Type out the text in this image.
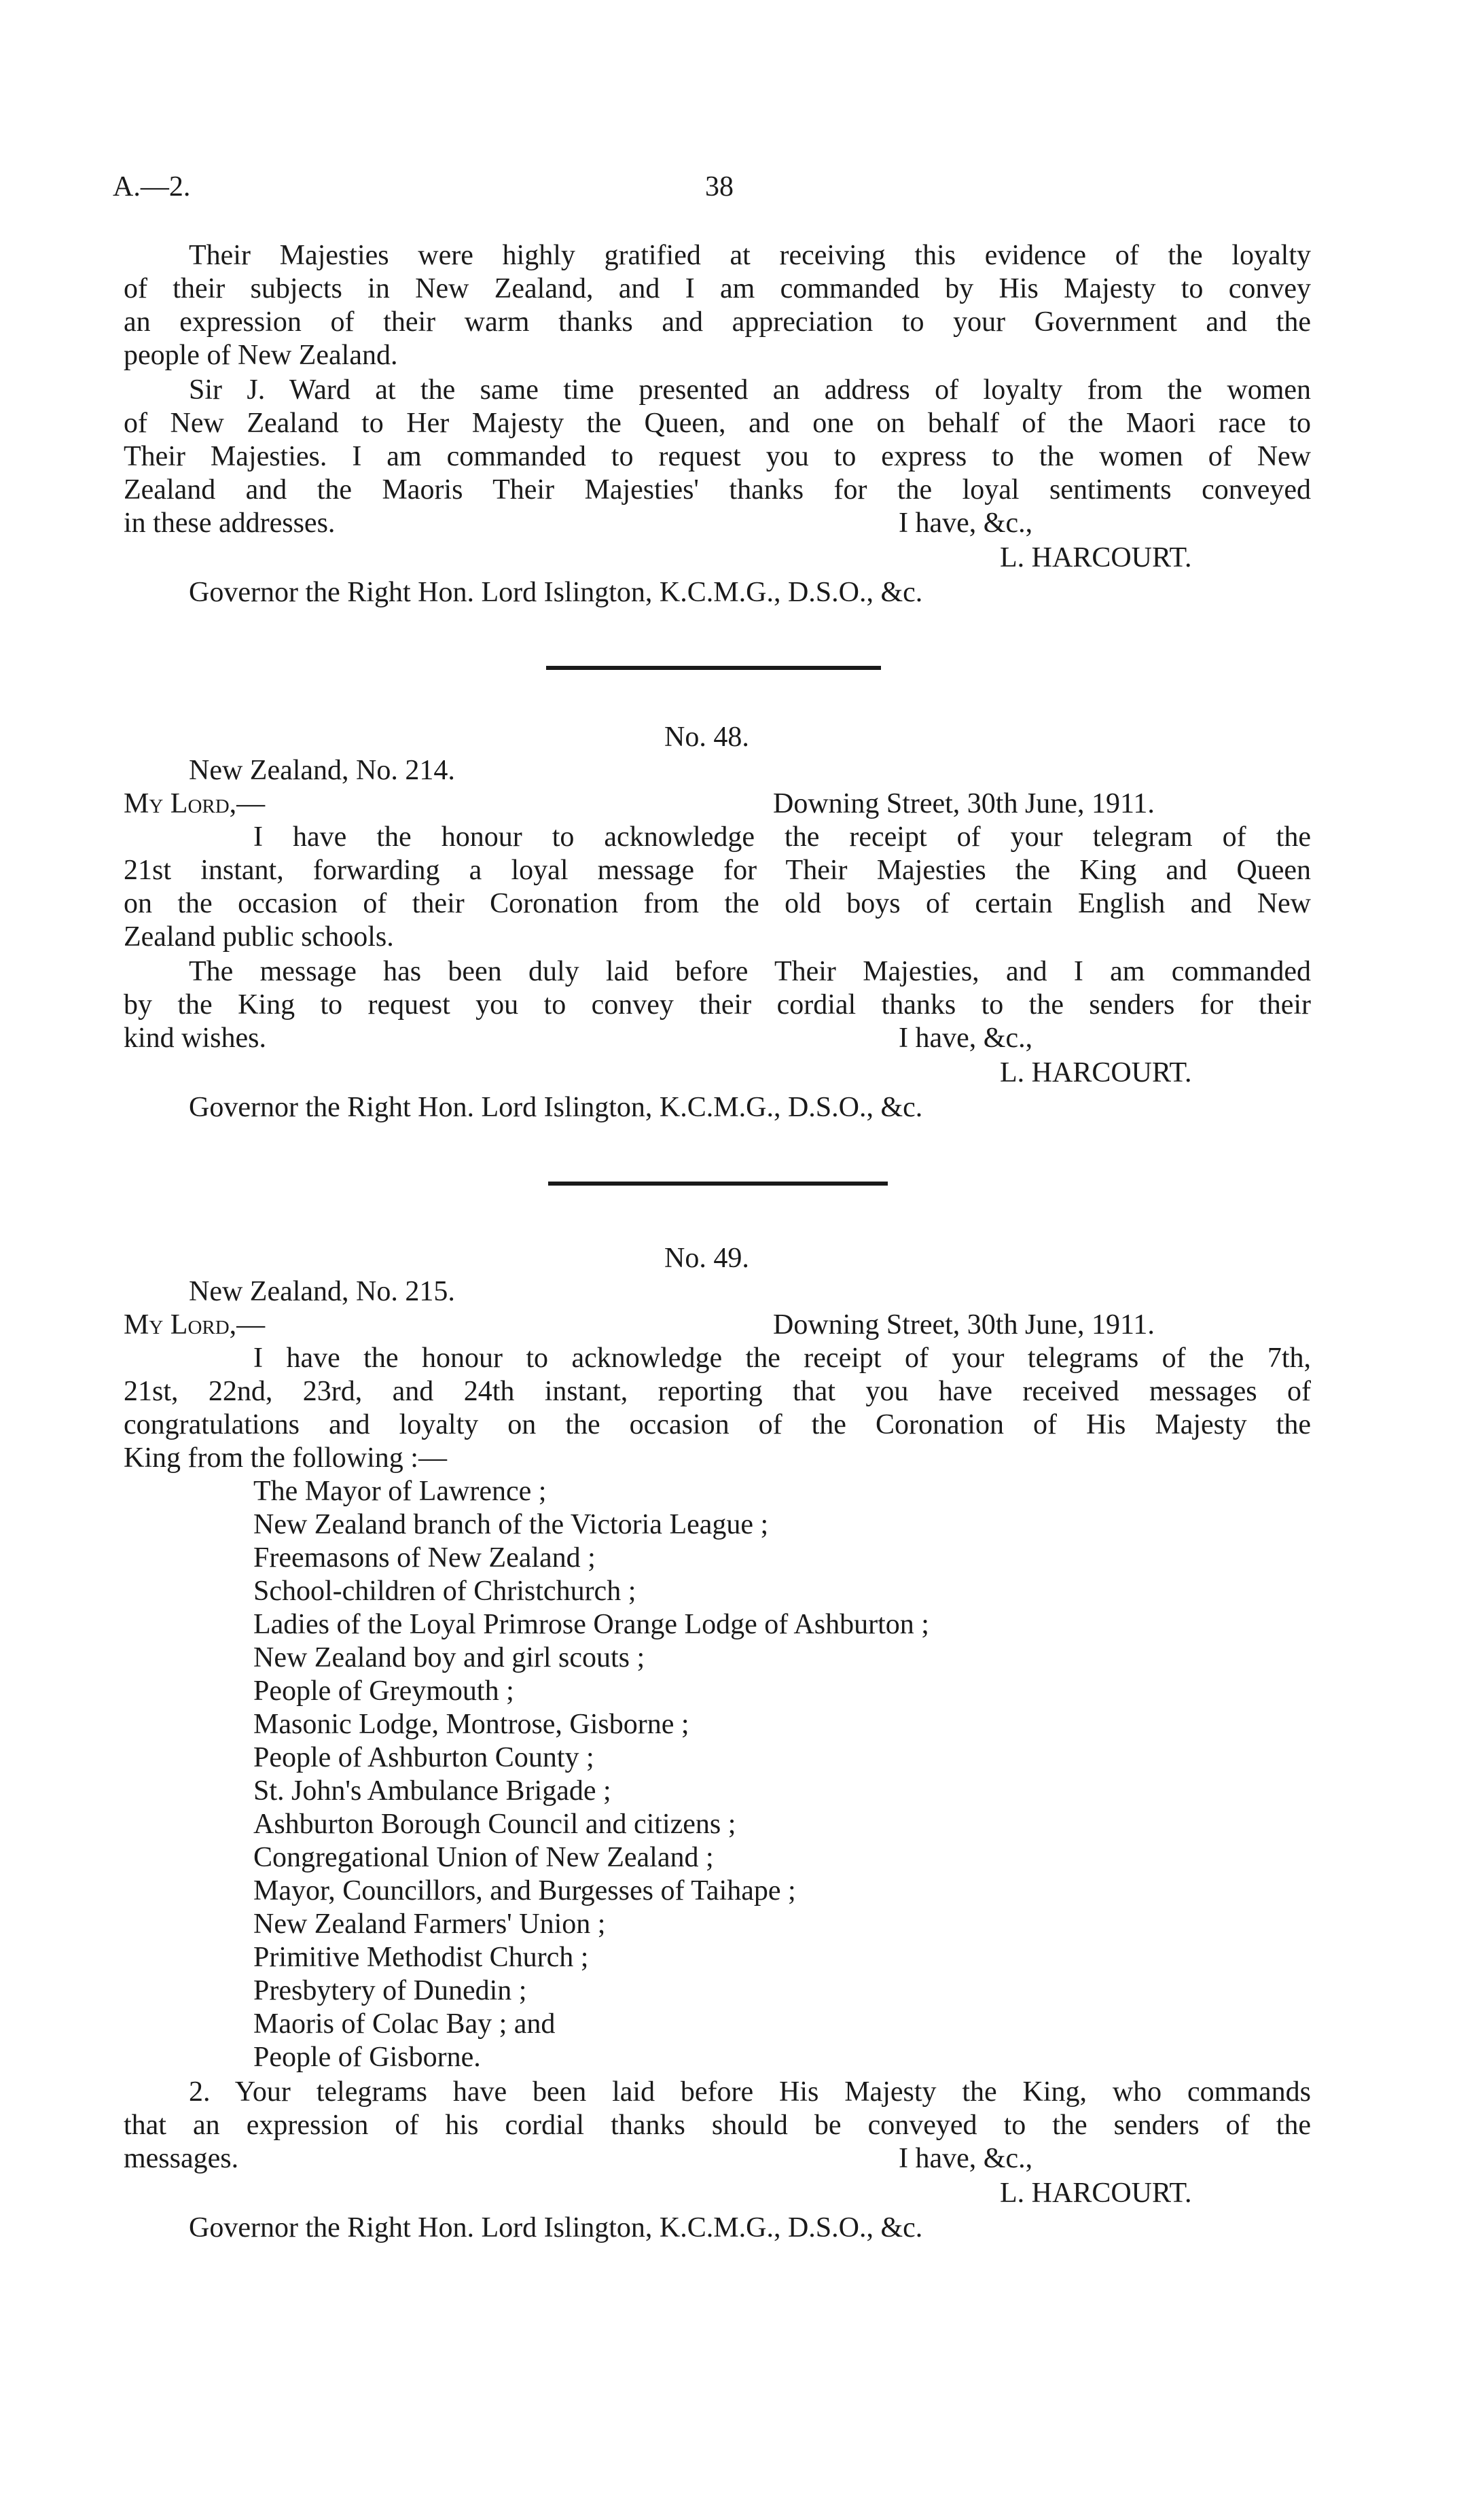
A.—2.	38
Their Majesties were highly gratified at receiving this evidence of the loyalty
of their subjects in New Zealand, and I am commanded by His Majesty to convey
an expression of their warm thanks and appreciation to your Government and the
people of New Zealand.
Sir J. Ward at the same time presented an address of loyalty from the women
of New Zealand to Her Majesty the Queen, and one on behalf of the Maori race to
Their Majesties. I am commanded to request you to express to the women of New
Zealand and the Maoris Their Majesties' thanks for the loyal sentiments conveyed
in these addresses.	I have, &c.,
L. HARCOURT.
Governor the Right Hon. Lord Islington, K.C.M.G., D.S.O., &c.
No. 48.
New Zealand, No. 214.
My Lord,—	Downing Street, 30th June, 1911.
I have the honour to acknowledge the receipt of your telegram of the
21st instant, forwarding a loyal message for Their Majesties the King and Queen
on the occasion of their Coronation from the old boys of certain English and New
Zealand public schools.
The message has been duly laid before Their Majesties, and I am commanded
by the King to request you to convey their cordial thanks to the senders for their
kind wishes.	I have, &c.,
L. HARCOURT.
Governor the Right Hon. Lord Islington, K.C.M.G., D.S.O., &c.
No. 49.
New Zealand, No. 215.
My Lord,—	Downing Street, 30th June, 1911.
I have the honour to acknowledge the receipt of your telegrams of the 7th,
21st, 22nd, 23rd, and 24th instant, reporting that you have received messages of
congratulations and loyalty on the occasion of the Coronation of His Majesty the
King from the following :—
The Mayor of Lawrence ;
New Zealand branch of the Victoria League ;
Freemasons of New Zealand ;
School-children of Christchurch ;
Ladies of the Loyal Primrose Orange Lodge of Ashburton ;
New Zealand boy and girl scouts ;
People of Greymouth ;
Masonic Lodge, Montrose, Gisborne ;
People of Ashburton County ;
St. John's Ambulance Brigade ;
Ashburton Borough Council and citizens ;
Congregational Union of New Zealand ;
Mayor, Councillors, and Burgesses of Taihape ;
New Zealand Farmers' Union ;
Primitive Methodist Church ;
Presbytery of Dunedin ;
Maoris of Colac Bay ; and
People of Gisborne.
2. Your telegrams have been laid before His Majesty the King, who commands
that an expression of his cordial thanks should be conveyed to the senders of the
messages.	I have, &c.,
L. HARCOURT.
Governor the Right Hon. Lord Islington, K.C.M.G., D.S.O., &c.
